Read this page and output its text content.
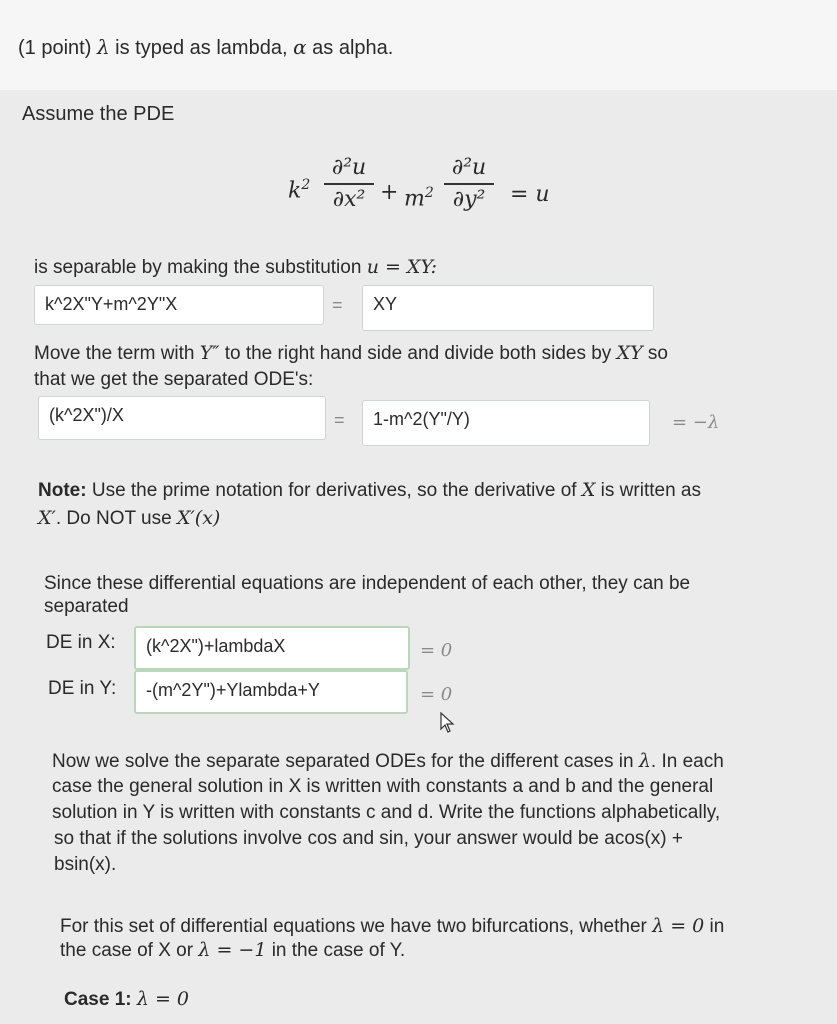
(1 point) λ is typed as lambda, α as alpha.
Assume the PDE
$k^2$
∂²u
$\partial x^2 + m^2$
∂²u
∂y²	= u
is separable by making the substitution u = XY:
k^2X"Y+m^2Y"X	=	XY
Move the term with Y″ to the right hand side and divide both sides by XY so
that we get the separated ODE's:
(k^2X")/X	=	1-m^2(Y"/Y)	= −λ
Note: Use the prime notation for derivatives, so the derivative of X is written as
X′. Do NOT use X′(x)
Since these differential equations are independent of each other, they can be
separated
DE in X:	(k^2X")+lambdaX	= 0
DE in Y:	-(m^2Y")+Ylambda+Y	= 0
Now we solve the separate separated ODEs for the different cases in λ. In each
case the general solution in X is written with constants a and b and the general
solution in Y is written with constants c and d. Write the functions alphabetically,
so that if the solutions involve cos and sin, your answer would be acos(x) +
bsin(x).
For this set of differential equations we have two bifurcations, whether λ = 0 in
the case of X or λ = −1 in the case of Y.
Case 1: λ = 0
